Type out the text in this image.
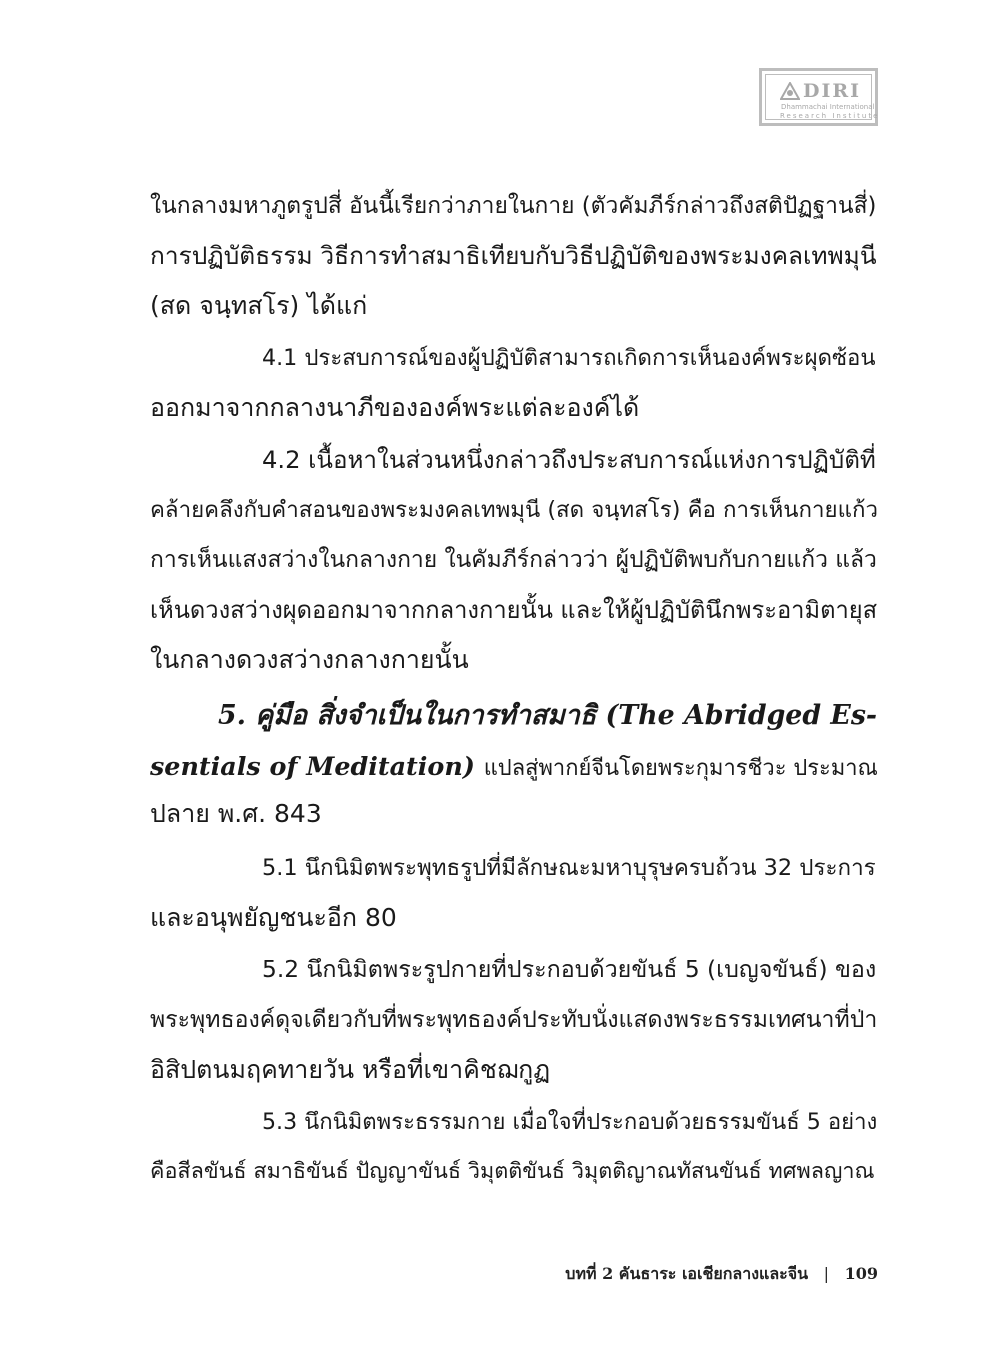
DIRI
Dhammachai International
Research Institute
ในกลางมหาภูตรูปสี่ อันนี้เรียกว่าภายในกาย (ตัวคัมภีร์กล่าวถึงสติปัฏฐานสี่)
การปฏิบัติธรรม วิธีการทำสมาธิเทียบกับวิธีปฏิบัติของพระมงคลเทพมุนี
(สด จนฺทสโร) ได้แก่
4.1 ประสบการณ์ของผู้ปฏิบัติสามารถเกิดการเห็นองค์พระผุดซ้อน
ออกมาจากกลางนาภีขององค์พระแต่ละองค์ได้
4.2 เนื้อหาในส่วนหนึ่งกล่าวถึงประสบการณ์แห่งการปฏิบัติที่
คล้ายคลึงกับคำสอนของพระมงคลเทพมุนี (สด จนฺทสโร) คือ การเห็นกายแก้ว
การเห็นแสงสว่างในกลางกาย ในคัมภีร์กล่าวว่า ผู้ปฏิบัติพบกับกายแก้ว แล้ว
เห็นดวงสว่างผุดออกมาจากกลางกายนั้น และให้ผู้ปฏิบัตินึกพระอามิตายุส
ในกลางดวงสว่างกลางกายนั้น
5. คู่มือ สิ่งจำเป็นในการทำสมาธิ (The Abridged Es-
sentials of Meditation) แปลสู่พากย์จีนโดยพระกุมารชีวะ ประมาณ
ปลาย พ.ศ. 843
5.1 นึกนิมิตพระพุทธรูปที่มีลักษณะมหาบุรุษครบถ้วน 32 ประการ
และอนุพยัญชนะอีก 80
5.2 นึกนิมิตพระรูปกายที่ประกอบด้วยขันธ์ 5 (เบญจขันธ์) ของ
พระพุทธองค์ดุจเดียวกับที่พระพุทธองค์ประทับนั่งแสดงพระธรรมเทศนาที่ป่า
อิสิปตนมฤคทายวัน หรือที่เขาคิชฌกูฏ
5.3 นึกนิมิตพระธรรมกาย เมื่อใจที่ประกอบด้วยธรรมขันธ์ 5 อย่าง
คือสีลขันธ์ สมาธิขันธ์ ปัญญาขันธ์ วิมุตติขันธ์ วิมุตติญาณทัสนขันธ์ ทศพลญาณ
บทที่ 2 คันธาระ เอเชียกลางและจีน | 109
